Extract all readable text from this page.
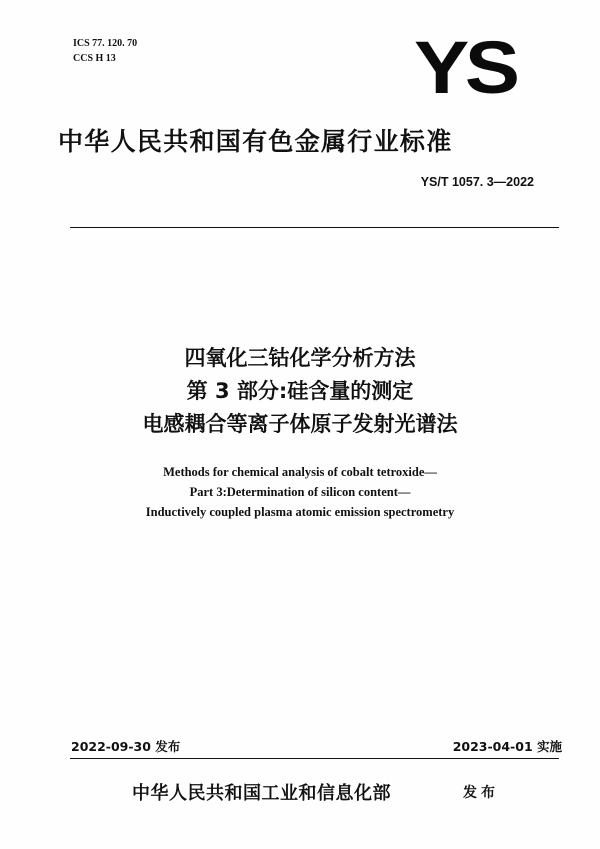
ICS 77. 120. 70
CCS H 13	YS
中华人民共和国有色金属行业标准
YS/T 1057. 3—2022
四氧化三钴化学分析方法
第 3 部分:硅含量的测定
电感耦合等离子体原子发射光谱法
Methods for chemical analysis of cobalt tetroxide—
Part 3:Determination of silicon content—
Inductively coupled plasma atomic emission spectrometry
2022-09-30 发布	2023-04-01 实施
中华人民共和国工业和信息化部	发布
